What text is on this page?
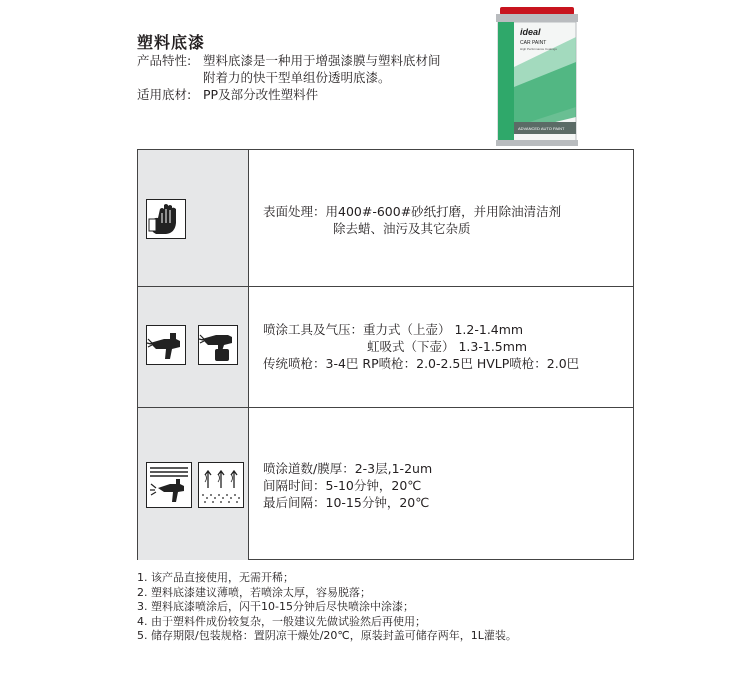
塑料底漆
产品特性: 塑料底漆是一种用于增强漆膜与塑料底材间
附着力的快干型单组份透明底漆。
适用底材: PP及部分改性塑料件
ideal
CAR PAINT
High Performance Coatings
ADVANCED AUTO PAINT
表面处理：用400#-600#砂纸打磨，并用除油清洁剂
除去蜡、油污及其它杂质
喷涂工具及气压：重力式（上壶） 1.2-1.4mm
虹吸式（下壶） 1.3-1.5mm
传统喷枪：3-4巴 RP喷枪：2.0-2.5巴 HVLP喷枪：2.0巴
喷涂道数/膜厚：2-3层,1-2um
间隔时间：5-10分钟，20℃
最后间隔：10-15分钟，20℃
1. 该产品直接使用，无需开稀；
2. 塑料底漆建议薄喷，若喷涂太厚，容易脱落；
3. 塑料底漆喷涂后，闪干10-15分钟后尽快喷涂中涂漆；
4. 由于塑料件成份较复杂，一般建议先做试验然后再使用；
5. 储存期限/包装规格：置阴凉干燥处/20℃，原装封盖可储存两年，1L灌装。
